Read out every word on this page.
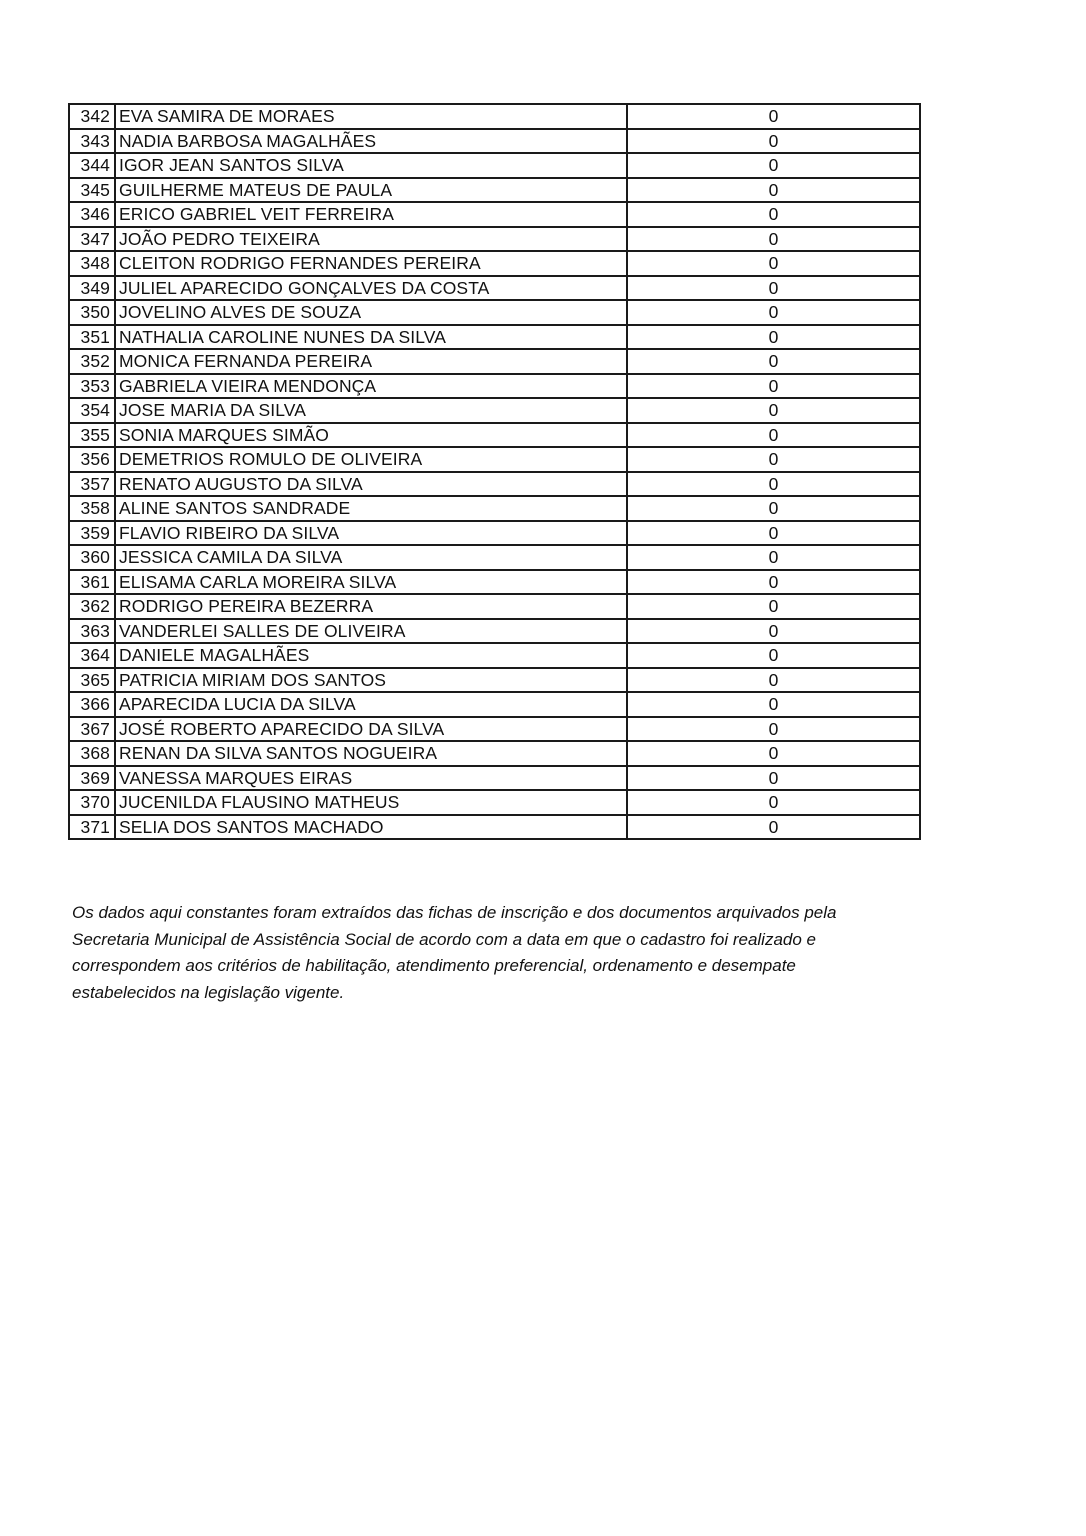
342	EVA SAMIRA DE MORAES	0
343	NADIA BARBOSA MAGALHÃES	0
344	IGOR JEAN SANTOS SILVA	0
345	GUILHERME MATEUS DE PAULA	0
346	ERICO GABRIEL VEIT FERREIRA	0
347	JOÃO PEDRO TEIXEIRA	0
348	CLEITON RODRIGO FERNANDES PEREIRA	0
349	JULIEL APARECIDO GONÇALVES DA COSTA	0
350	JOVELINO ALVES DE SOUZA	0
351	NATHALIA CAROLINE NUNES DA SILVA	0
352	MONICA FERNANDA PEREIRA	0
353	GABRIELA VIEIRA MENDONÇA	0
354	JOSE MARIA DA SILVA	0
355	SONIA MARQUES SIMÃO	0
356	DEMETRIOS ROMULO DE OLIVEIRA	0
357	RENATO AUGUSTO DA SILVA	0
358	ALINE SANTOS SANDRADE	0
359	FLAVIO RIBEIRO DA SILVA	0
360	JESSICA CAMILA DA SILVA	0
361	ELISAMA CARLA MOREIRA SILVA	0
362	RODRIGO PEREIRA BEZERRA	0
363	VANDERLEI SALLES DE OLIVEIRA	0
364	DANIELE MAGALHÃES	0
365	PATRICIA MIRIAM DOS SANTOS	0
366	APARECIDA LUCIA DA SILVA	0
367	JOSÉ ROBERTO APARECIDO DA SILVA	0
368	RENAN DA SILVA SANTOS NOGUEIRA	0
369	VANESSA MARQUES EIRAS	0
370	JUCENILDA FLAUSINO MATHEUS	0
371	SELIA DOS SANTOS MACHADO	0

Os dados aqui constantes foram extraídos das fichas de inscrição e dos documentos arquivados pela
Secretaria Municipal de Assistência Social de acordo com a data em que o cadastro foi realizado e
correspondem aos critérios de habilitação, atendimento preferencial, ordenamento e desempate
estabelecidos na legislação vigente.
